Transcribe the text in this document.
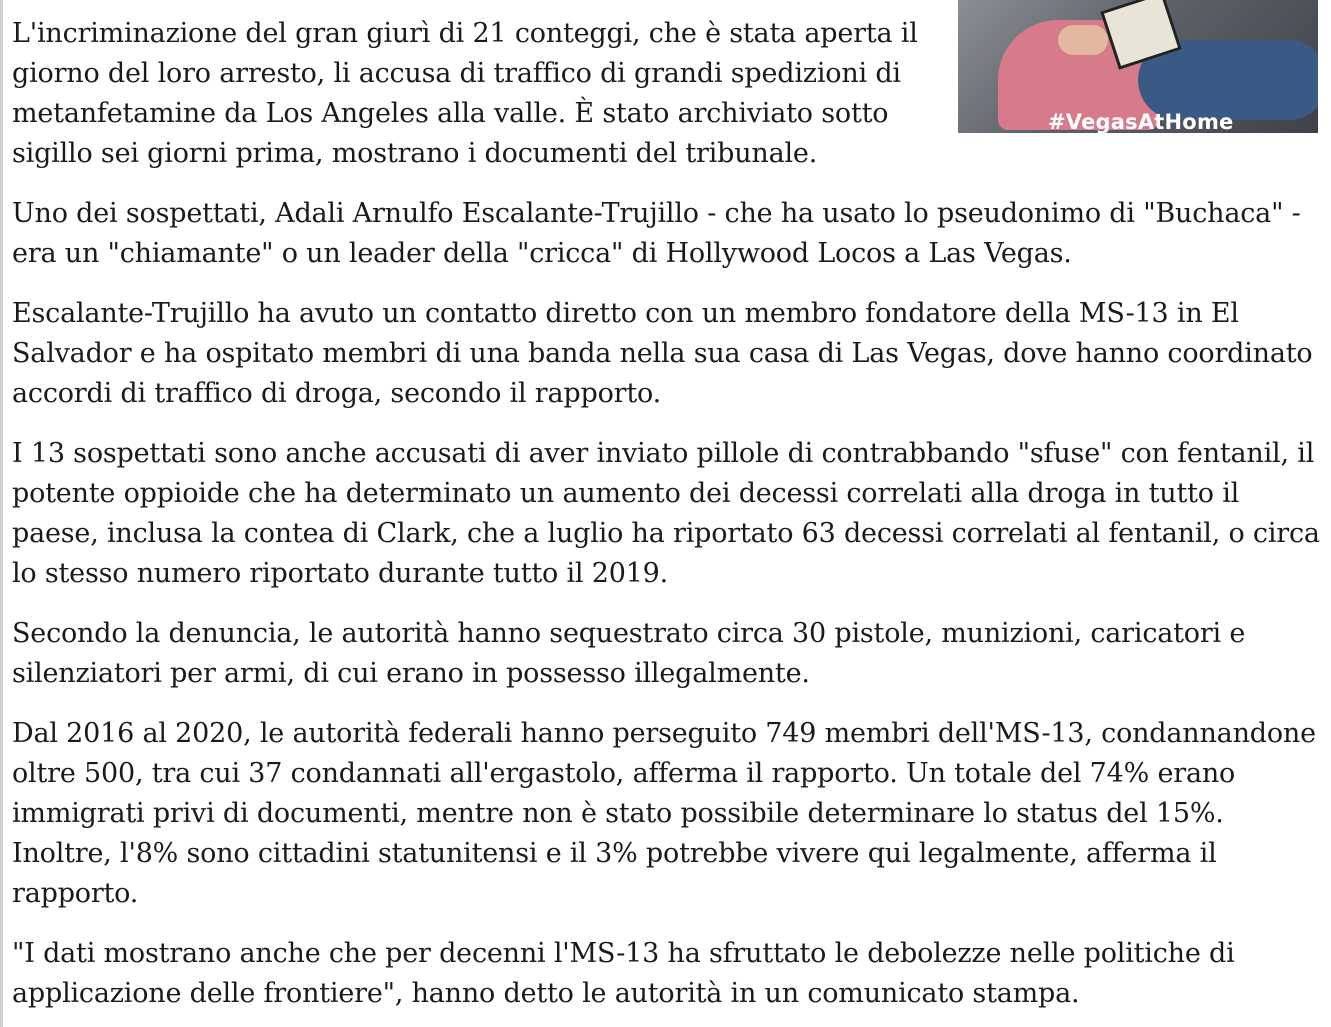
#VegasAtHome

L'incriminazione del gran giurì di 21 conteggi, che è stata aperta il giorno del loro arresto, li accusa di traffico di grandi spedizioni di metanfetamine da Los Angeles alla valle. È stato archiviato sotto sigillo sei giorni prima, mostrano i documenti del tribunale.

Uno dei sospettati, Adali Arnulfo Escalante-Trujillo - che ha usato lo pseudonimo di "Buchaca" - era un "chiamante" o un leader della "cricca" di Hollywood Locos a Las Vegas.

Escalante-Trujillo ha avuto un contatto diretto con un membro fondatore della MS-13 in El Salvador e ha ospitato membri di una banda nella sua casa di Las Vegas, dove hanno coordinato accordi di traffico di droga, secondo il rapporto.

I 13 sospettati sono anche accusati di aver inviato pillole di contrabbando "sfuse" con fentanil, il potente oppioide che ha determinato un aumento dei decessi correlati alla droga in tutto il paese, inclusa la contea di Clark, che a luglio ha riportato 63 decessi correlati al fentanil, o circa lo stesso numero riportato durante tutto il 2019.

Secondo la denuncia, le autorità hanno sequestrato circa 30 pistole, munizioni, caricatori e silenziatori per armi, di cui erano in possesso illegalmente.

Dal 2016 al 2020, le autorità federali hanno perseguito 749 membri dell'MS-13, condannandone oltre 500, tra cui 37 condannati all'ergastolo, afferma il rapporto. Un totale del 74% erano immigrati privi di documenti, mentre non è stato possibile determinare lo status del 15%. Inoltre, l'8% sono cittadini statunitensi e il 3% potrebbe vivere qui legalmente, afferma il rapporto.

"I dati mostrano anche che per decenni l'MS-13 ha sfruttato le debolezze nelle politiche di applicazione delle frontiere", hanno detto le autorità in un comunicato stampa.
